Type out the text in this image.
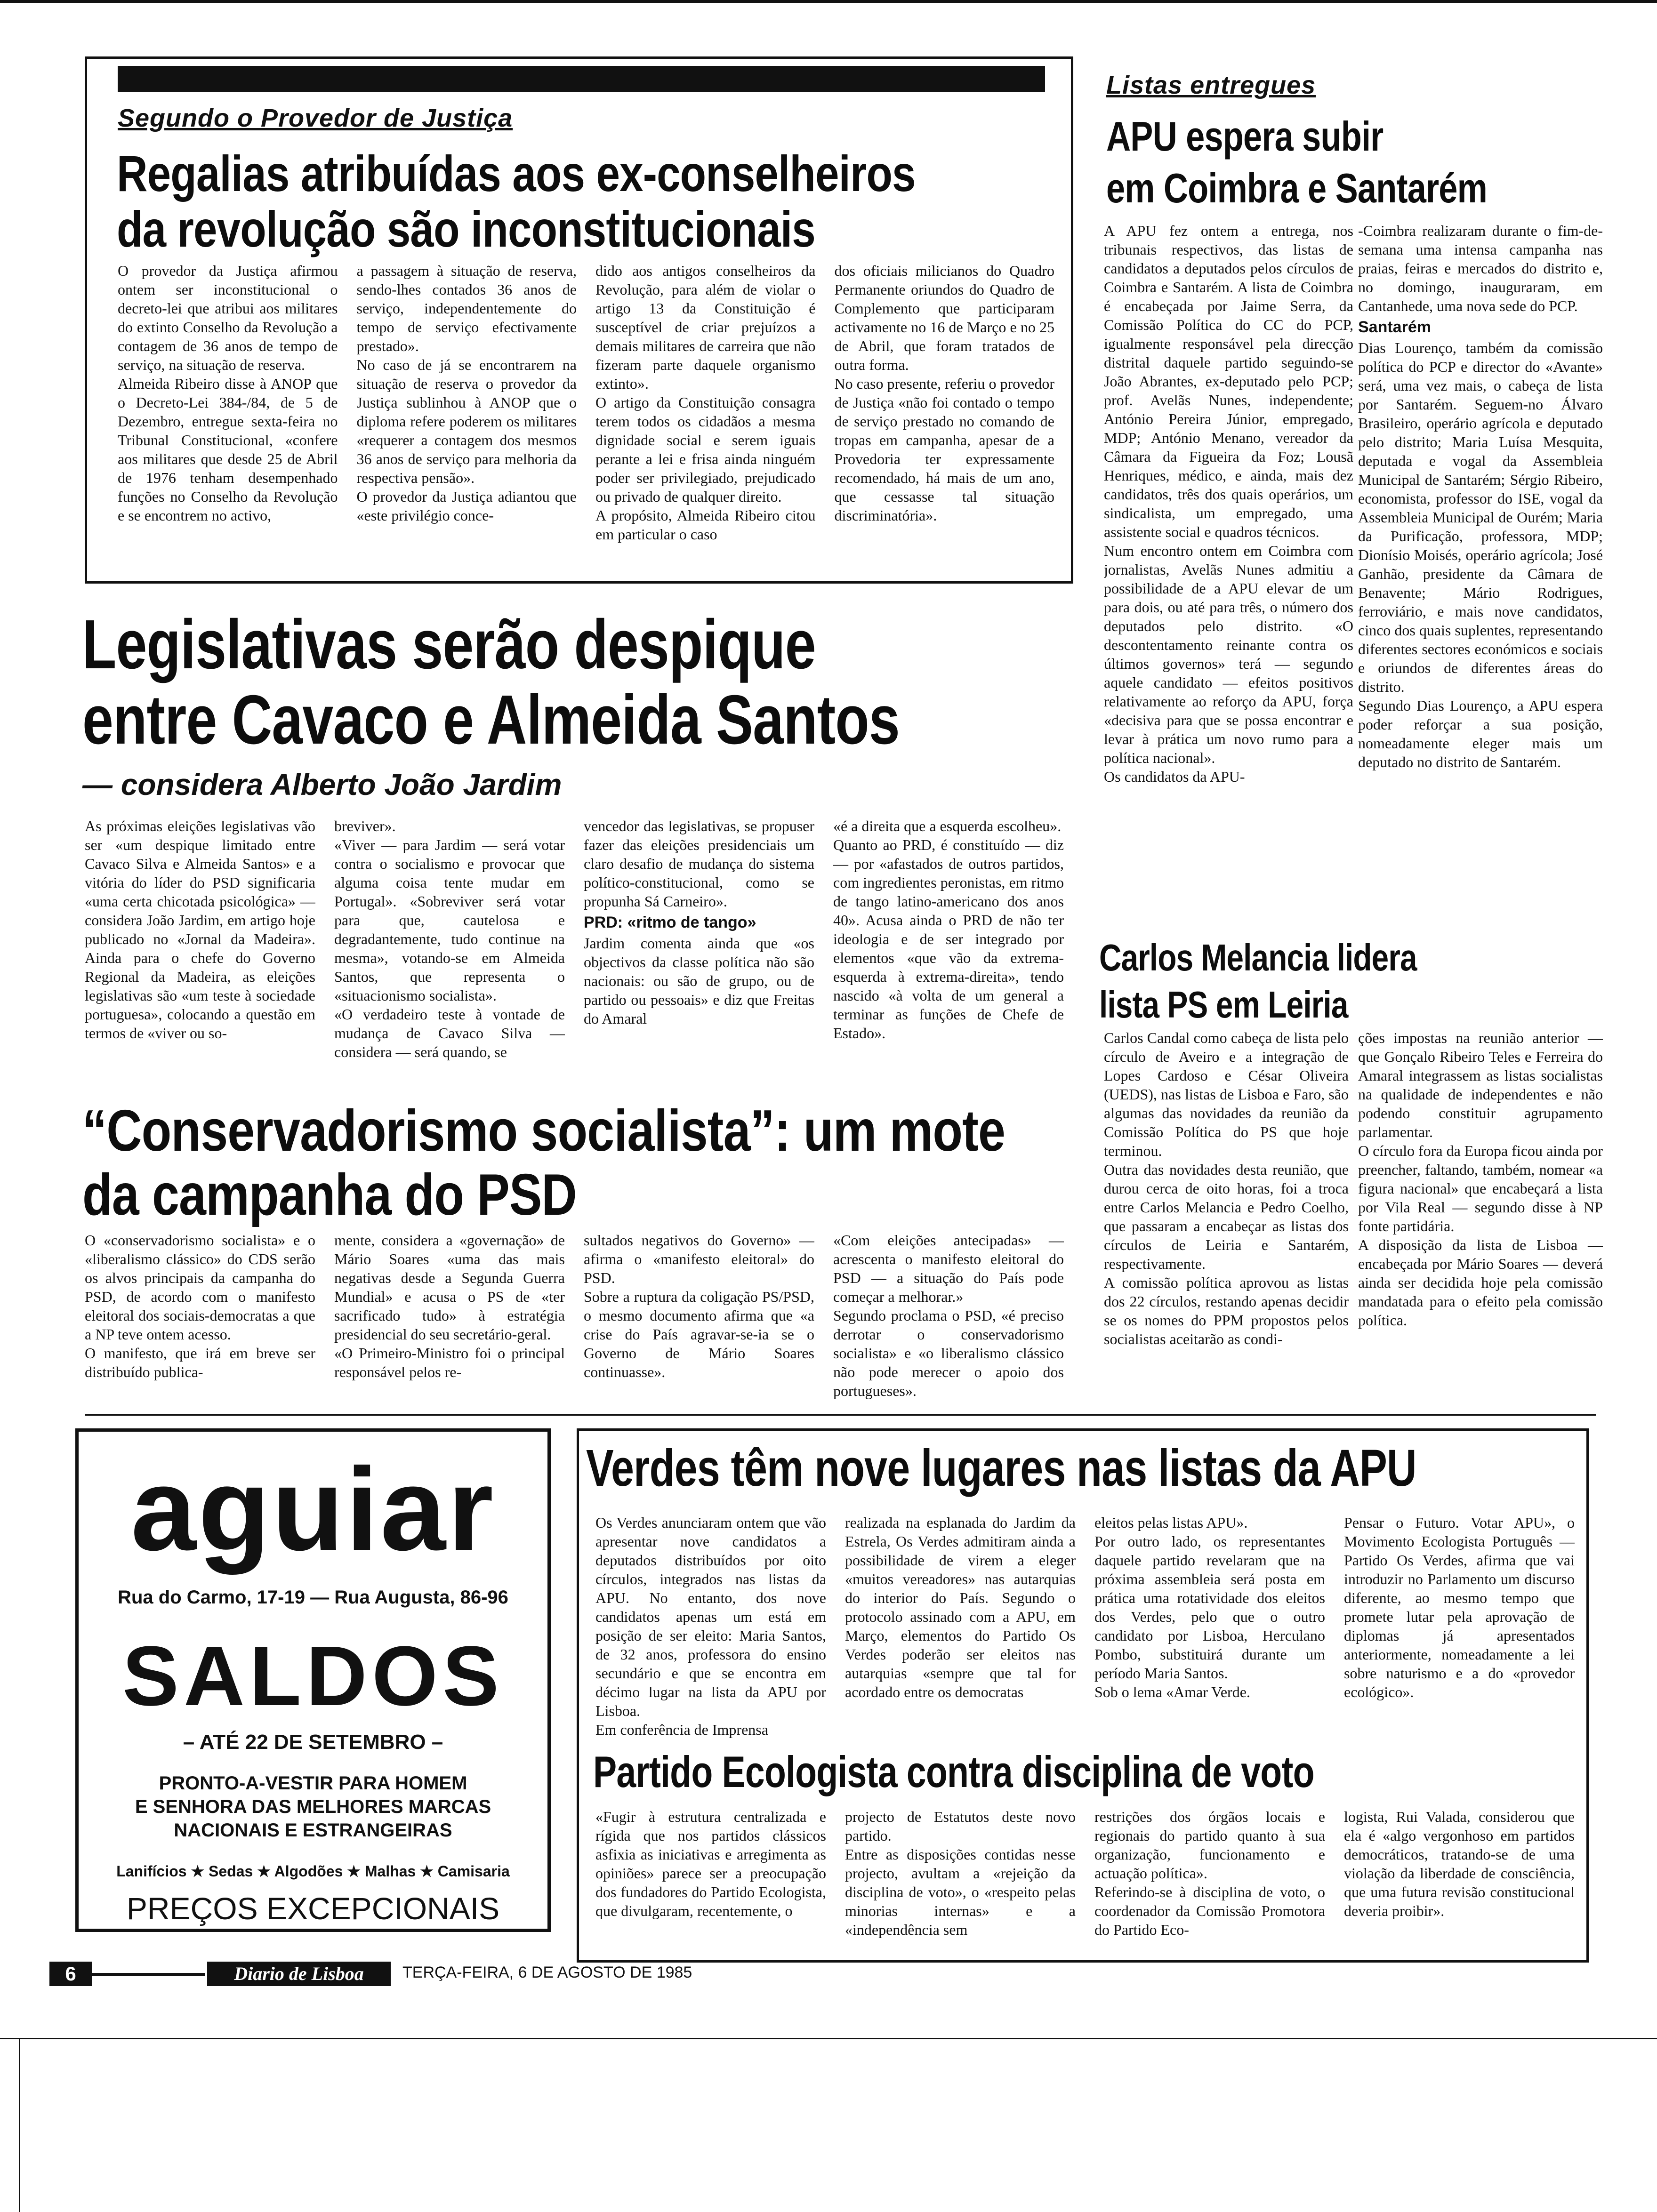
Segundo o Provedor de Justiça
Regalias atribuídas aos ex-conselheiros
da revolução são inconstitucionais
O provedor da Justiça afirmou ontem ser inconstitucional o decreto-lei que atribui aos militares do extinto Conselho da Revolução a contagem de 36 anos de tempo de serviço, na situação de reserva.
Almeida Ribeiro disse à ANOP que o Decreto-Lei 384-/84, de 5 de Dezembro, entregue sexta-feira no Tribunal Constitucional, «confere aos militares que desde 25 de Abril de 1976 tenham desempenhado funções no Conselho da Revolução e se encontrem no activo,
a passagem à situação de reserva, sendo-lhes contados 36 anos de serviço, independentemente do tempo de serviço efectivamente prestado».
No caso de já se encontrarem na situação de reserva o provedor da Justiça sublinhou à ANOP que o diploma refere poderem os militares «requerer a contagem dos mesmos 36 anos de serviço para melhoria da respectiva pensão».
O provedor da Justiça adiantou que «este privilégio conce-
dido aos antigos conselheiros da Revolução, para além de violar o artigo 13 da Constituição é susceptível de criar prejuízos a demais militares de carreira que não fizeram parte daquele organismo extinto».
O artigo da Constituição consagra terem todos os cidadãos a mesma dignidade social e serem iguais perante a lei e frisa ainda ninguém poder ser privilegiado, prejudicado ou privado de qualquer direito.
A propósito, Almeida Ribeiro citou em particular o caso
dos oficiais milicianos do Quadro Permanente oriundos do Quadro de Complemento que participaram activamente no 16 de Março e no 25 de Abril, que foram tratados de outra forma.
No caso presente, referiu o provedor de Justiça «não foi contado o tempo de serviço prestado no comando de tropas em campanha, apesar de a Provedoria ter expressamente recomendado, há mais de um ano, que cessasse tal situação discriminatória».
Listas entregues
APU espera subir
em Coimbra e Santarém
A APU fez ontem a entrega, nos tribunais respectivos, das listas de candidatos a deputados pelos círculos de Coimbra e Santarém. A lista de Coimbra é encabeçada por Jaime Serra, da Comissão Política do CC do PCP, igualmente responsável pela direcção distrital daquele partido seguindo-se João Abrantes, ex-deputado pelo PCP; prof. Avelãs Nunes, independente; António Pereira Júnior, empregado, MDP; António Menano, vereador da Câmara da Figueira da Foz; Lousã Henriques, médico, e ainda, mais dez candidatos, três dos quais operários, um sindicalista, um empregado, uma assistente social e quadros técnicos.
Num encontro ontem em Coimbra com jornalistas, Avelãs Nunes admitiu a possibilidade de a APU elevar de um para dois, ou até para três, o número dos deputados pelo distrito. «O descontentamento reinante contra os últimos governos» terá — segundo aquele candidato — efeitos positivos relativamente ao reforço da APU, força «decisiva para que se possa encontrar e levar à prática um novo rumo para a política nacional».
Os candidatos da APU-
-Coimbra realizaram durante o fim-de-semana uma intensa campanha nas praias, feiras e mercados do distrito e, no domingo, inauguraram, em Cantanhede, uma nova sede do PCP.
Santarém
Dias Lourenço, também da comissão política do PCP e director do «Avante» será, uma vez mais, o cabeça de lista por Santarém. Seguem-no Álvaro Brasileiro, operário agrícola e deputado pelo distrito; Maria Luísa Mesquita, deputada e vogal da Assembleia Municipal de Santarém; Sérgio Ribeiro, economista, professor do ISE, vogal da Assembleia Municipal de Ourém; Maria da Purificação, professora, MDP; Dionísio Moisés, operário agrícola; José Ganhão, presidente da Câmara de Benavente; Mário Rodrigues, ferroviário, e mais nove candidatos, cinco dos quais suplentes, representando diferentes sectores económicos e sociais e oriundos de diferentes áreas do distrito.
Segundo Dias Lourenço, a APU espera poder reforçar a sua posição, nomeadamente eleger mais um deputado no distrito de Santarém.
Legislativas serão despique
entre Cavaco e Almeida Santos
— considera Alberto João Jardim
As próximas eleições legislativas vão ser «um despique limitado entre Cavaco Silva e Almeida Santos» e a vitória do líder do PSD significaria «uma certa chicotada psicológica» — considera João Jardim, em artigo hoje publicado no «Jornal da Madeira». Ainda para o chefe do Governo Regional da Madeira, as eleições legislativas são «um teste à sociedade portuguesa», colocando a questão em termos de «viver ou so-
breviver».
«Viver — para Jardim — será votar contra o socialismo e provocar que alguma coisa tente mudar em Portugal». «Sobreviver será votar para que, cautelosa e degradantemente, tudo continue na mesma», votando-se em Almeida Santos, que representa o «situacionismo socialista».
«O verdadeiro teste à vontade de mudança de Cavaco Silva — considera — será quando, se
vencedor das legislativas, se propuser fazer das eleições presidenciais um claro desafio de mudança do sistema político-constitucional, como se propunha Sá Carneiro».
PRD: «ritmo de tango»
Jardim comenta ainda que «os objectivos da classe política não são nacionais: ou são de grupo, ou de partido ou pessoais» e diz que Freitas do Amaral
«é a direita que a esquerda escolheu».
Quanto ao PRD, é constituído — diz — por «afastados de outros partidos, com ingredientes peronistas, em ritmo de tango latino-americano dos anos 40». Acusa ainda o PRD de não ter ideologia e de ser integrado por elementos «que vão da extrema-esquerda à extrema-direita», tendo nascido «à volta de um general a terminar as funções de Chefe de Estado».
“Conservadorismo socialista”: um mote
da campanha do PSD
O «conservadorismo socialista» e o «liberalismo clássico» do CDS serão os alvos principais da campanha do PSD, de acordo com o manifesto eleitoral dos sociais-democratas a que a NP teve ontem acesso.
O manifesto, que irá em breve ser distribuído publica-
mente, considera a «governação» de Mário Soares «uma das mais negativas desde a Segunda Guerra Mundial» e acusa o PS de «ter sacrificado tudo» à estratégia presidencial do seu secretário-geral.
«O Primeiro-Ministro foi o principal responsável pelos re-
sultados negativos do Governo» — afirma o «manifesto eleitoral» do PSD.
Sobre a ruptura da coligação PS/PSD, o mesmo documento afirma que «a crise do País agravar-se-ia se o Governo de Mário Soares continuasse».
«Com eleições antecipadas» — acrescenta o manifesto eleitoral do PSD — a situação do País pode começar a melhorar.»
Segundo proclama o PSD, «é preciso derrotar o conservadorismo socialista» e «o liberalismo clássico não pode merecer o apoio dos portugueses».
Carlos Melancia lidera
lista PS em Leiria
Carlos Candal como cabeça de lista pelo círculo de Aveiro e a integração de Lopes Cardoso e César Oliveira (UEDS), nas listas de Lisboa e Faro, são algumas das novidades da reunião da Comissão Política do PS que hoje terminou.
Outra das novidades desta reunião, que durou cerca de oito horas, foi a troca entre Carlos Melancia e Pedro Coelho, que passaram a encabeçar as listas dos círculos de Leiria e Santarém, respectivamente.
A comissão política aprovou as listas dos 22 círculos, restando apenas decidir se os nomes do PPM propostos pelos socialistas aceitarão as condi-
ções impostas na reunião anterior — que Gonçalo Ribeiro Teles e Ferreira do Amaral integrassem as listas socialistas na qualidade de independentes e não podendo constituir agrupamento parlamentar.
O círculo fora da Europa ficou ainda por preencher, faltando, também, nomear «a figura nacional» que encabeçará a lista por Vila Real — segundo disse à NP fonte partidária.
A disposição da lista de Lisboa — encabeçada por Mário Soares — deverá ainda ser decidida hoje pela comissão mandatada para o efeito pela comissão política.
aguiar
Rua do Carmo, 17-19 — Rua Augusta, 86-96
SALDOS
– ATÉ 22 DE SETEMBRO –
PRONTO-A-VESTIR PARA HOMEM
E SENHORA DAS MELHORES MARCAS
NACIONAIS E ESTRANGEIRAS
Lanifícios ★ Sedas ★ Algodões ★ Malhas ★ Camisaria
PREÇOS EXCEPCIONAIS
Verdes têm nove lugares nas listas da APU
Os Verdes anunciaram ontem que vão apresentar nove candidatos a deputados distribuídos por oito círculos, integrados nas listas da APU. No entanto, dos nove candidatos apenas um está em posição de ser eleito: Maria Santos, de 32 anos, professora do ensino secundário e que se encontra em décimo lugar na lista da APU por Lisboa.
Em conferência de Imprensa
realizada na esplanada do Jardim da Estrela, Os Verdes admitiram ainda a possibilidade de virem a eleger «muitos vereadores» nas autarquias do interior do País. Segundo o protocolo assinado com a APU, em Março, elementos do Partido Os Verdes poderão ser eleitos nas autarquias «sempre que tal for acordado entre os democratas
eleitos pelas listas APU».
Por outro lado, os representantes daquele partido revelaram que na próxima assembleia será posta em prática uma rotatividade dos eleitos dos Verdes, pelo que o outro candidato por Lisboa, Herculano Pombo, substituirá durante um período Maria Santos.
Sob o lema «Amar Verde.
Pensar o Futuro. Votar APU», o Movimento Ecologista Português — Partido Os Verdes, afirma que vai introduzir no Parlamento um discurso diferente, ao mesmo tempo que promete lutar pela aprovação de diplomas já apresentados anteriormente, nomeadamente a lei sobre naturismo e a do «provedor ecológico».
Partido Ecologista contra disciplina de voto
«Fugir à estrutura centralizada e rígida que nos partidos clássicos asfixia as iniciativas e arregimenta as opiniões» parece ser a preocupação dos fundadores do Partido Ecologista, que divulgaram, recentemente, o
projecto de Estatutos deste novo partido.
Entre as disposições contidas nesse projecto, avultam a «rejeição da disciplina de voto», o «respeito pelas minorias internas» e a «independência sem
restrições dos órgãos locais e regionais do partido quanto à sua organização, funcionamento e actuação política».
Referindo-se à disciplina de voto, o coordenador da Comissão Promotora do Partido Eco-
logista, Rui Valada, considerou que ela é «algo vergonhoso em partidos democráticos, tratando-se de uma violação da liberdade de consciência, que uma futura revisão constitucional deveria proibir».
6	Diario de Lisboa	TERÇA-FEIRA, 6 DE AGOSTO DE 1985
